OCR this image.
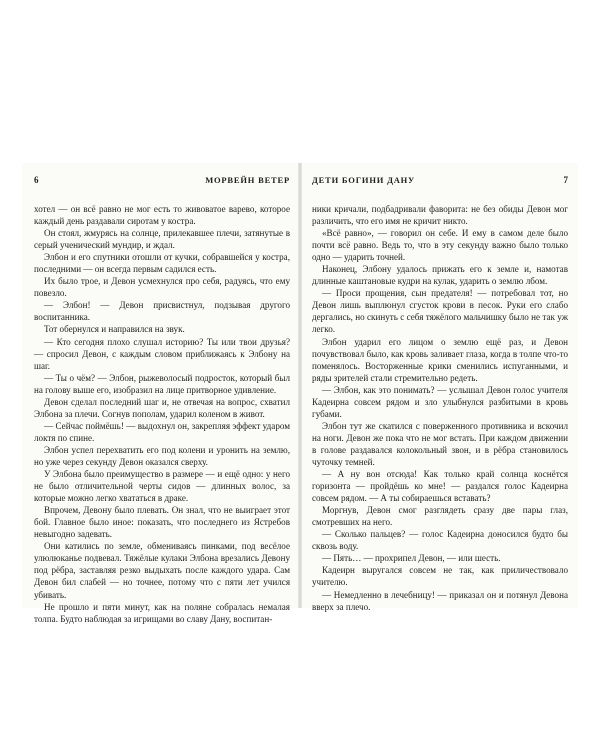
6	МОРВЕЙН ВЕТЕР

хотел — он всё равно не мог есть то живоватое варево, которое каждый день раздавали сиротам у костра.

Он стоял, жмурясь на солнце, прилекавшее плечи, затянутые в серый ученический мундир, и ждал.

Элбон и его спутники отошли от кучки, собравшейся у костра, последними — он всегда первым садился есть.

Их было трое, и Девон усмехнулся про себя, радуясь, что ему повезло.

— Элбон! — Девон присвистнул, подзывая другого воспитанника.

Тот обернулся и направился на звук.

— Кто сегодня плохо слушал историю? Ты или твои друзья? — спросил Девон, с каждым словом приближаясь к Элбону на шаг.

— Ты о чём? — Элбон, рыжеволосый подросток, который был на голову выше его, изобразил на лице притворное удивление.

Девон сделал последний шаг и, не отвечая на вопрос, схватил Элбона за плечи. Согнув пополам, ударил коленом в живот.

— Сейчас поймёшь! — выдохнул он, закрепляя эффект ударом локтя по спине.

Элбон успел перехватить его под колени и уронить на землю, но уже через секунду Девон оказался сверху.

У Элбона было преимущество в размере — и ещё одно: у него не было отличительной черты сидов — длинных волос, за которые можно легко хвататься в драке.

Впрочем, Девону было плевать. Он знал, что не выиграет этот бой. Главное было иное: показать, что последнего из Ястребов невыгодно задевать.

Они катились по земле, обмениваясь пинками, под весёлое улюлюканье подвевал. Тяжёлые кулаки Элбона врезались Девону под рёбра, заставляя резко выдыхать после каждого удара. Сам Девон бил слабей — но точнее, потому что с пяти лет учился убивать.

Не прошло и пяти минут, как на поляне собралась немалая толпа. Будто наблюдая за игрищами во славу Дану, воспитан-

ДЕТИ БОГИНИ ДАНУ	7

ники кричали, подбадривали фаворита: не без обиды Девон мог различить, что его имя не кричит никто.

«Всё равно», — говорил он себе. И ему в самом деле было почти всё равно. Ведь то, что в эту секунду важно было только одно — ударить точней.

Наконец, Элбону удалось прижать его к земле и, намотав длинные каштановые кудри на кулак, ударить о землю лбом.

— Проси прощения, сын предателя! — потребовал тот, но Девон лишь выплюнул сгусток крови в песок. Руки его слабо дергались, но скинуть с себя тяжёлого мальчишку было не так уж легко.

Элбон ударил его лицом о землю ещё раз, и Девон почувствовал было, как кровь заливает глаза, когда в толпе что-то поменялось. Восторженные крики сменились испуганными, и ряды зрителей стали стремительно редеть.

— Элбон, как это понимать? — услышал Девон голос учителя Кадеирна совсем рядом и зло улыбнулся разбитыми в кровь губами.

Элбон тут же скатился с поверженного противника и вскочил на ноги. Девон же пока что не мог встать. При каждом движении в голове раздавался колокольный звон, и в рёбра становилось чуточку темней.

— А ну вон отсюда! Как только край солнца коснётся горизонта — пройдёшь ко мне! — раздался голос Кадеирна совсем рядом. — А ты собираешься вставать?

Моргнув, Девон смог разглядеть сразу две пары глаз, смотревших на него.

— Сколько пальцев? — голос Кадеирна доносился будто бы сквозь воду.

— Пять… — прохрипел Девон, — или шесть.

Кадеирн выругался совсем не так, как приличествовало учителю.

— Немедленно в лечебницу! — приказал он и потянул Девона вверх за плечо.
